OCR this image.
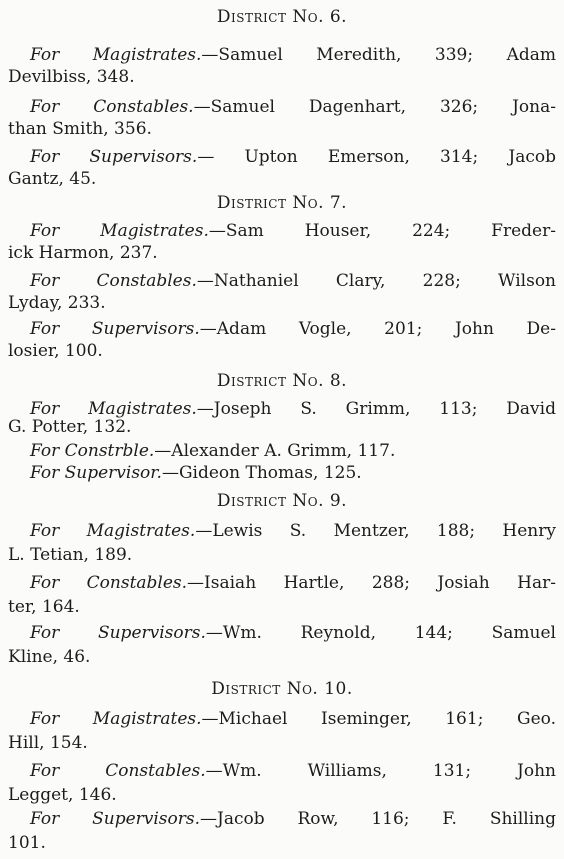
District No. 6.
For Magistrates.—Samuel Meredith, 339; Adam
Devilbiss, 348.
For Constables.—Samuel Dagenhart, 326; Jona-
than Smith, 356.
For Supervisors.— Upton Emerson, 314; Jacob
Gantz, 45.
District No. 7.
For Magistrates.—Sam Houser, 224; Freder-
ick Harmon, 237.
For Constables.—Nathaniel Clary, 228; Wilson
Lyday, 233.
For Supervisors.—Adam Vogle, 201; John De-
losier, 100.
District No. 8.
For Magistrates.—Joseph S. Grimm, 113; David
G. Potter, 132.
For Constrble.—Alexander A. Grimm, 117.
For Supervisor.—Gideon Thomas, 125.
District No. 9.
For Magistrates.—Lewis S. Mentzer, 188; Henry
L. Tetian, 189.
For Constables.—Isaiah Hartle, 288; Josiah Har-
ter, 164.
For Supervisors.—Wm. Reynold, 144; Samuel
Kline, 46.
District No. 10.
For Magistrates.—Michael Iseminger, 161; Geo.
Hill, 154.
For Constables.—Wm. Williams, 131; John
Legget, 146.
For Supervisors.—Jacob Row, 116; F. Shilling
101.
